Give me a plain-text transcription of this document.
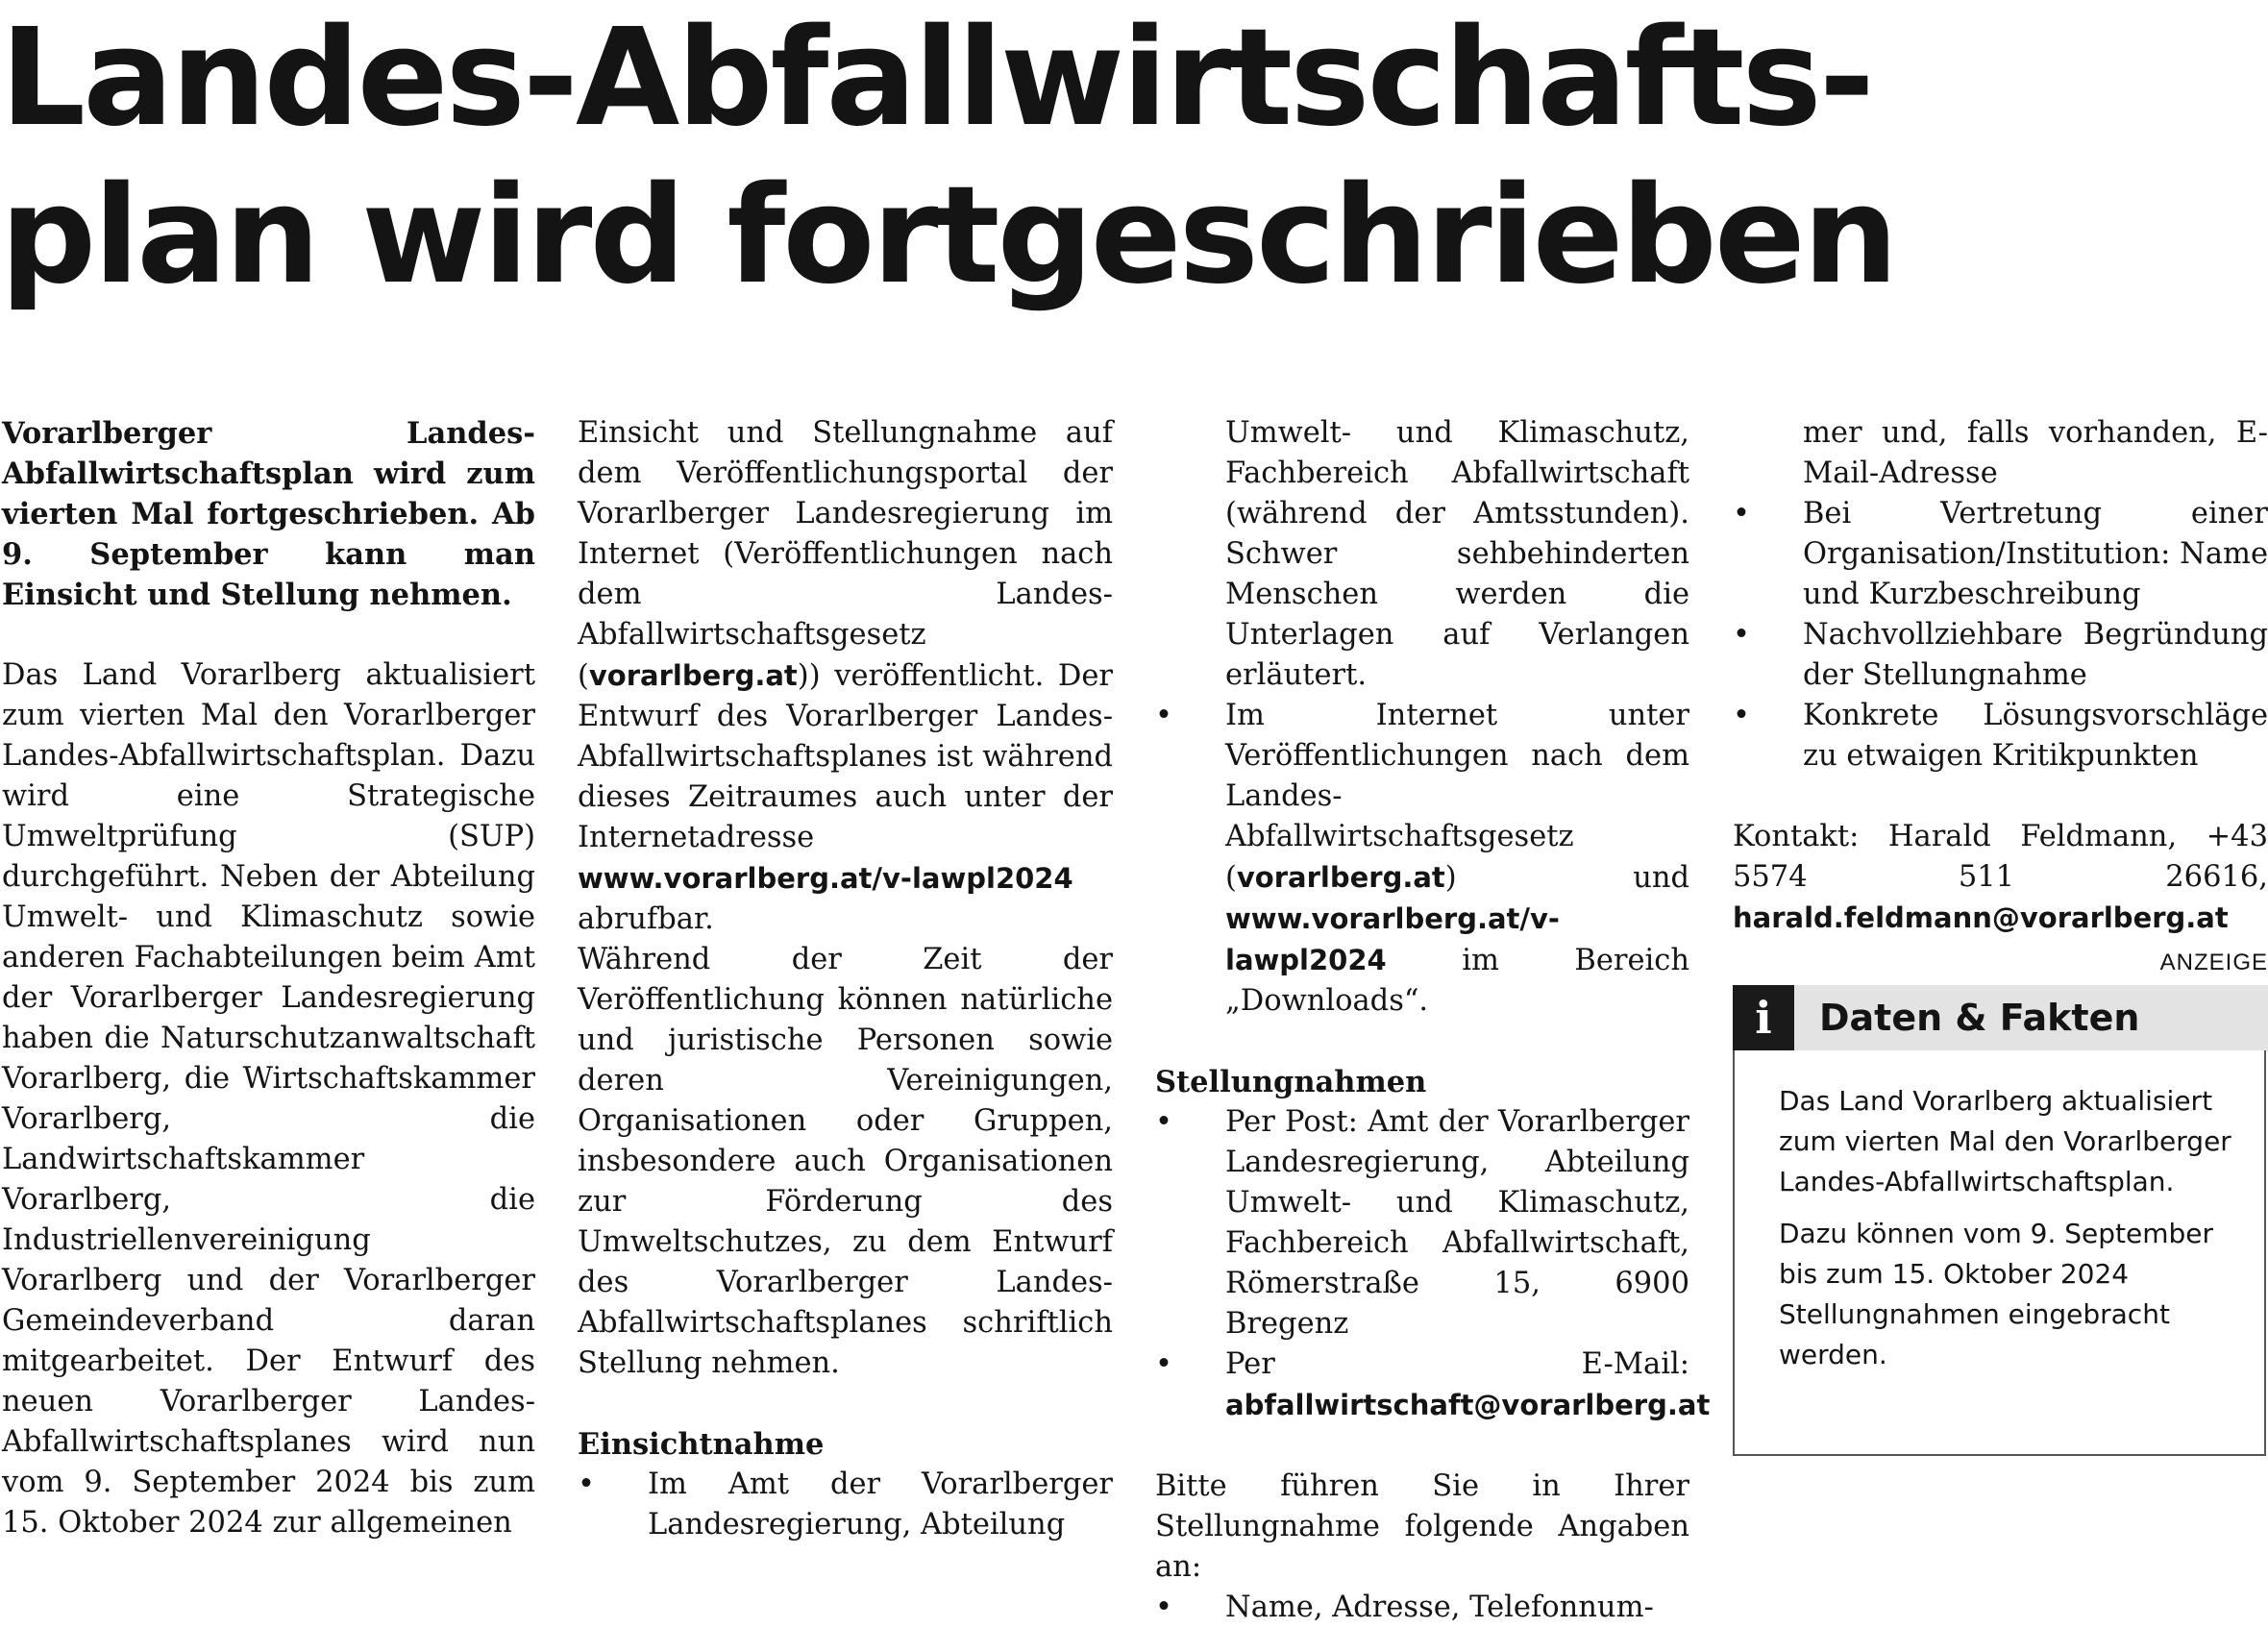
Landes-Abfallwirtschafts-
plan wird fortgeschrieben

Vorarlberger Landes-Abfallwirtschaftsplan wird zum vierten Mal fortgeschrieben. Ab 9. September kann man Einsicht und Stellung nehmen.

Das Land Vorarlberg aktualisiert zum vierten Mal den Vorarlberger Landes-Abfallwirtschaftsplan. Dazu wird eine Strategische Umweltprüfung (SUP) durchgeführt. Neben der Abteilung Umwelt- und Klimaschutz sowie anderen Fachabteilungen beim Amt der Vorarlberger Landesregierung haben die Naturschutzanwaltschaft Vorarlberg, die Wirtschaftskammer Vorarlberg, die Landwirtschaftskammer Vorarlberg, die Industriellenvereinigung Vorarlberg und der Vorarlberger Gemeindeverband daran mitgearbeitet. Der Entwurf des neuen Vorarlberger Landes-Abfallwirtschaftsplanes wird nun vom 9. September 2024 bis zum 15. Oktober 2024 zur allgemeinen

Einsicht und Stellungnahme auf dem Veröffentlichungsportal der Vorarlberger Landesregierung im Internet (Veröffentlichungen nach dem Landes-Abfallwirtschaftsgesetz (vorarlberg.at)) veröffentlicht. Der Entwurf des Vorarlberger Landes-Abfallwirtschaftsplanes ist während dieses Zeitraumes auch unter der Internetadresse www.vorarlberg.at/v-lawpl2024 abrufbar.

Während der Zeit der Veröffentlichung können natürliche und juristische Personen sowie deren Vereinigungen, Organisationen oder Gruppen, insbesondere auch Organisationen zur Förderung des Umweltschutzes, zu dem Entwurf des Vorarlberger Landes-Abfallwirtschaftsplanes schriftlich Stellung nehmen.

Einsichtnahme

•	Im Amt der Vorarlberger Landesregierung, Abteilung
Umwelt- und Klimaschutz, Fachbereich Abfallwirtschaft (während der Amtsstunden). Schwer sehbehinderten Menschen werden die Unterlagen auf Verlangen erläutert.
•	Im Internet unter Veröffentlichungen nach dem Landes-Abfallwirtschaftsgesetz (vorarlberg.at) und www.vorarlberg.at/v-lawpl2024 im Bereich „Downloads“.

Stellungnahmen

•	Per Post: Amt der Vorarlberger Landesregierung, Abteilung Umwelt- und Klimaschutz, Fachbereich Abfallwirtschaft, Römerstraße 15, 6900 Bregenz
•	Per E-Mail: abfallwirtschaft@vorarlberg.at

Bitte führen Sie in Ihrer Stellungnahme folgende Angaben an:

•	Name, Adresse, Telefonnum-
mer und, falls vorhanden, E-Mail-Adresse
•	Bei Vertretung einer Organisation/Institution: Name und Kurzbeschreibung
•	Nachvollziehbare Begründung der Stellungnahme
•	Konkrete Lösungsvorschläge zu etwaigen Kritikpunkten

Kontakt: Harald Feldmann, +43 5574 511 26616, harald.feldmann@vorarlberg.at
ANZEIGE

i	Daten & Fakten

Das Land Vorarlberg aktualisiert zum vierten Mal den Vorarlberger Landes-Abfallwirtschaftsplan.

Dazu können vom 9. September bis zum 15. Oktober 2024 Stellungnahmen eingebracht werden.
